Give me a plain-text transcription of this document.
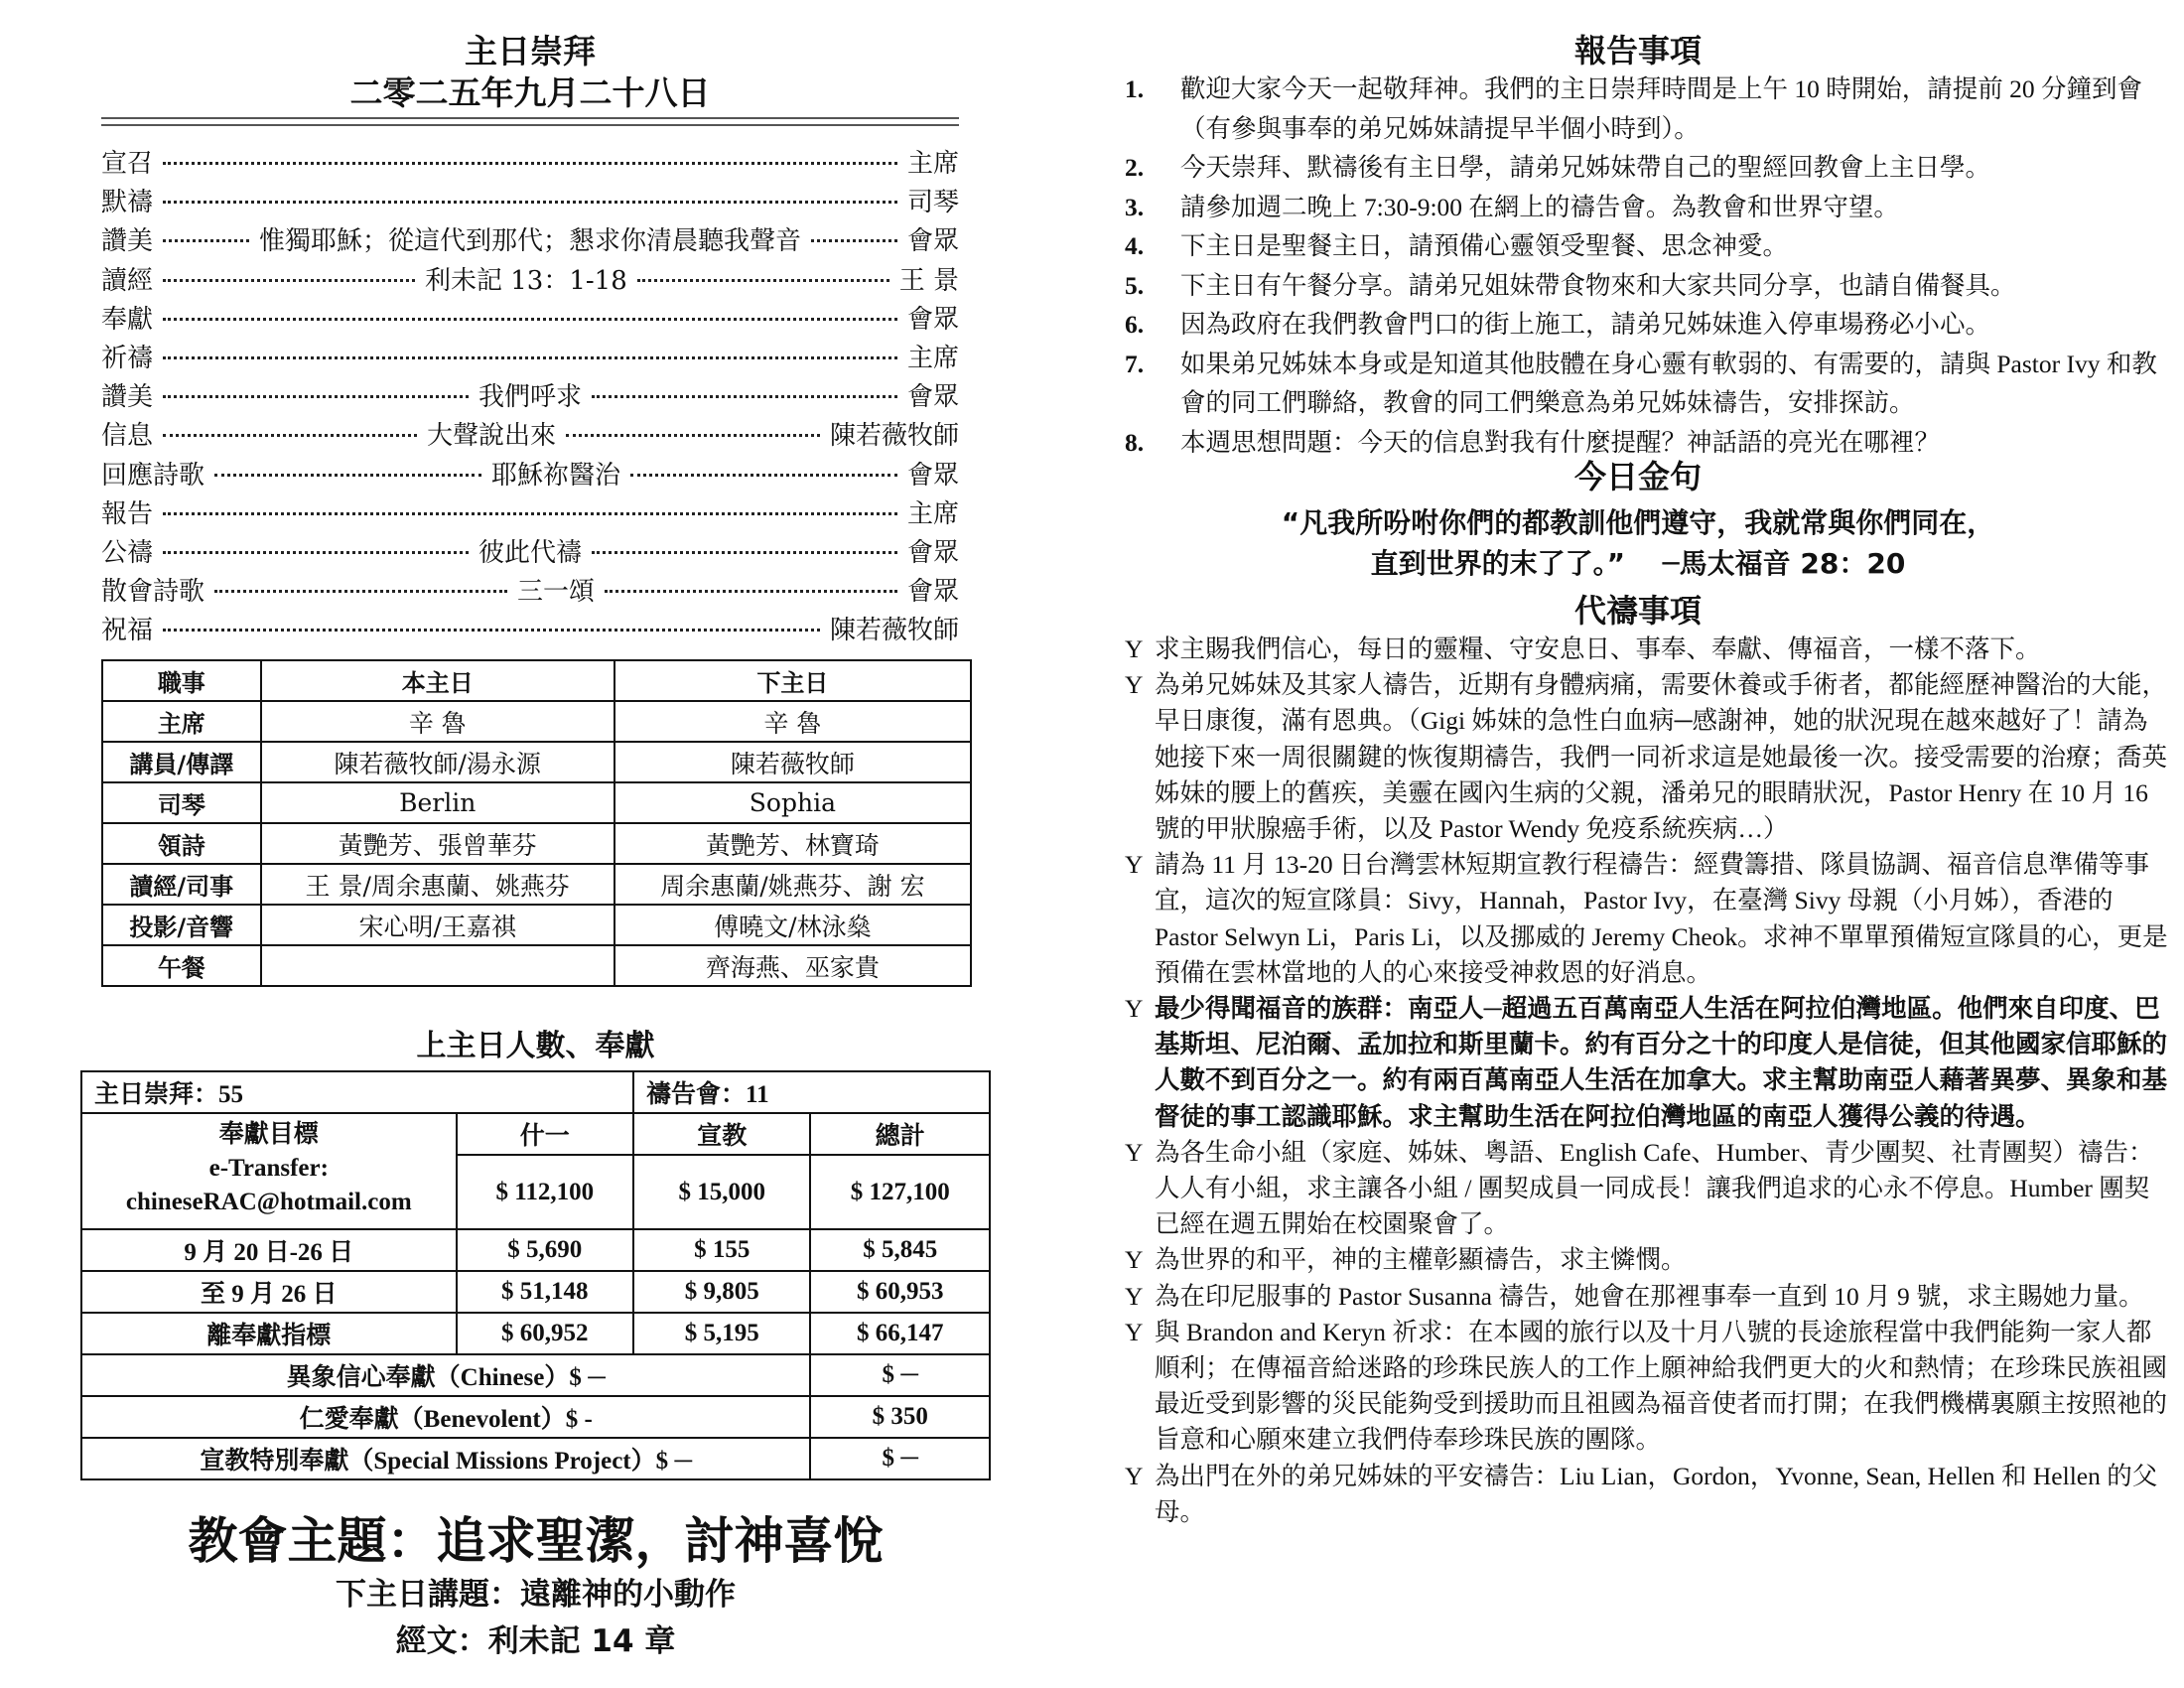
主日崇拜
二零二五年九月二十八日
宣召	主席
默禱	司琴
讚美	惟獨耶穌；從這代到那代；懇求你清晨聽我聲音	會眾
讀經	利未記 13：1-18	王 景
奉獻	會眾
祈禱	主席
讚美	我們呼求	會眾
信息	大聲說出來	陳若薇牧師
回應詩歌	耶穌祢醫治	會眾
報告	主席
公禱	彼此代禱	會眾
散會詩歌	三一頌	會眾
祝福	陳若薇牧師
職事	本主日	下主日
主席	辛 魯	辛 魯
講員/傳譯	陳若薇牧師/湯永源	陳若薇牧師
司琴	Berlin	Sophia
領詩	黃艷芳、張曾華芬	黃艷芳、林寶琦
讀經/司事	王 景/周余惠蘭、姚燕芬	周余惠蘭/姚燕芬、謝 宏
投影/音響	宋心明/王嘉祺	傅曉文/林泳燊
午餐		齊海燕、巫家貴
上主日人數、奉獻
主日崇拜：55		禱告會：11	

奉獻目標
e-Transfer:
chineseRAC@hotmail.com	什一	宣教	總計
	$ 112,100	$ 15,000	$ 127,100
9 月 20 日-26 日	$ 5,690	$ 155	$ 5,845
至 9 月 26 日	$ 51,148	$ 9,805	$ 60,953
離奉獻指標	$ 60,952	$ 5,195	$ 66,147
異象信心奉獻（Chinese）$ ─			$ ─
仁愛奉獻（Benevolent）$ -			$ 350
宣教特別奉獻（Special Missions Project）$ ─			$ ─
教會主題：追求聖潔，討神喜悅
下主日講題：遠離神的小動作
經文：利未記 14 章
報告事項
1.	歡迎大家今天一起敬拜神。我們的主日崇拜時間是上午 10 時開始，請提前 20 分鐘到會（有參與事奉的弟兄姊妹請提早半個小時到）。
2.	今天崇拜、默禱後有主日學，請弟兄姊妹帶自己的聖經回教會上主日學。
3.	請參加週二晚上 7:30-9:00 在網上的禱告會。為教會和世界守望。
4.	下主日是聖餐主日，請預備心靈領受聖餐、思念神愛。
5.	下主日有午餐分享。請弟兄姐妹帶食物來和大家共同分享，也請自備餐具。
6.	因為政府在我們教會門口的街上施工，請弟兄姊妹進入停車場務必小心。
7.	如果弟兄姊妹本身或是知道其他肢體在身心靈有軟弱的、有需要的，請與 Pastor Ivy 和教會的同工們聯絡，教會的同工們樂意為弟兄姊妹禱告，安排探訪。
8.	本週思想問題：今天的信息對我有什麼提醒？神話語的亮光在哪裡？
今日金句
“凡我所吩咐你們的都教訓他們遵守，我就常與你們同在，
直到世界的末了了。”　 ─馬太福音 28：20
代禱事項
Y 求主賜我們信心，每日的靈糧、守安息日、事奉、奉獻、傳福音，一樣不落下。
Y 為弟兄姊妹及其家人禱告，近期有身體病痛，需要休養或手術者，都能經歷神醫治的大能，早日康復，滿有恩典。（Gigi 姊妹的急性白血病─感謝神，她的狀況現在越來越好了！請為她接下來一周很關鍵的恢復期禱告，我們一同祈求這是她最後一次。接受需要的治療；喬英姊妹的腰上的舊疾，美靈在國內生病的父親，潘弟兄的眼睛狀況，Pastor Henry 在 10 月 16 號的甲狀腺癌手術，以及 Pastor Wendy 免疫系統疾病…）
Y 請為 11 月 13-20 日台灣雲林短期宣教行程禱告：經費籌措、隊員協調、福音信息準備等事宜，這次的短宣隊員：Sivy，Hannah，Pastor Ivy，在臺灣 Sivy 母親（小月姊），香港的 Pastor Selwyn Li，Paris Li，以及挪威的 Jeremy Cheok。求神不單單預備短宣隊員的心，更是預備在雲林當地的人的心來接受神救恩的好消息。
Y 最少得聞福音的族群：南亞人─超過五百萬南亞人生活在阿拉伯灣地區。他們來自印度、巴基斯坦、尼泊爾、孟加拉和斯里蘭卡。約有百分之十的印度人是信徒，但其他國家信耶穌的人數不到百分之一。約有兩百萬南亞人生活在加拿大。求主幫助南亞人藉著異夢、異象和基督徒的事工認識耶穌。求主幫助生活在阿拉伯灣地區的南亞人獲得公義的待遇。
Y 為各生命小組（家庭、姊妹、粵語、English Cafe、Humber、青少團契、社青團契）禱告：人人有小組，求主讓各小組 / 團契成員一同成長！讓我們追求的心永不停息。Humber 團契已經在週五開始在校園聚會了。
Y 為世界的和平，神的主權彰顯禱告，求主憐憫。
Y 為在印尼服事的 Pastor Susanna 禱告，她會在那裡事奉一直到 10 月 9 號，求主賜她力量。
Y 與 Brandon and Keryn 祈求：在本國的旅行以及十月八號的長途旅程當中我們能夠一家人都順利；在傳福音給迷路的珍珠民族人的工作上願神給我們更大的火和熱情；在珍珠民族祖國最近受到影響的災民能夠受到援助而且祖國為福音使者而打開；在我們機構裏願主按照祂的旨意和心願來建立我們侍奉珍珠民族的團隊。
Y 為出門在外的弟兄姊妹的平安禱告：Liu Lian，Gordon，Yvonne, Sean, Hellen 和 Hellen 的父母。
